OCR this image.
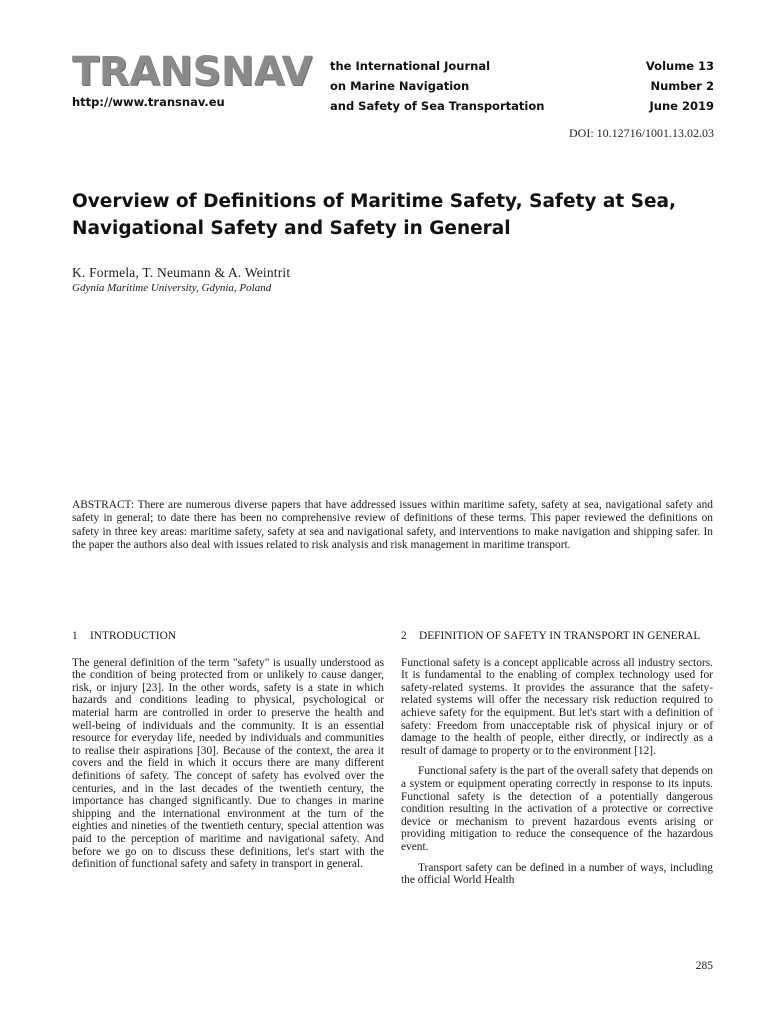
TRANSNAV
http://www.transnav.eu
the International Journal
on Marine Navigation
and Safety of Sea Transportation
Volume 13
Number 2
June 2019
DOI: 10.12716/1001.13.02.03
Overview of Definitions of Maritime Safety, Safety at Sea, Navigational Safety and Safety in General
K. Formela, T. Neumann & A. Weintrit
Gdynia Maritime University, Gdynia, Poland

ABSTRACT: There are numerous diverse papers that have addressed issues within maritime safety, safety at sea, navigational safety and safety in general; to date there has been no comprehensive review of definitions of these terms. This paper reviewed the definitions on safety in three key areas: maritime safety, safety at sea and navigational safety, and interventions to make navigation and shipping safer. In the paper the authors also deal with issues related to risk analysis and risk management in maritime transport.

1	INTRODUCTION

The general definition of the term "safety" is usually understood as the condition of being protected from or unlikely to cause danger, risk, or injury [23]. In the other words, safety is a state in which hazards and conditions leading to physical, psychological or material harm are controlled in order to preserve the health and well-being of individuals and the community. It is an essential resource for everyday life, needed by individuals and communities to realise their aspirations [30]. Because of the context, the area it covers and the field in which it occurs there are many different definitions of safety. The concept of safety has evolved over the centuries, and in the last decades of the twentieth century, the importance has changed significantly. Due to changes in marine shipping and the international environment at the turn of the eighties and nineties of the twentieth century, special attention was paid to the perception of maritime and navigational safety. And before we go on to discuss these definitions, let's start with the definition of functional safety and safety in transport in general.

2	DEFINITION OF SAFETY IN TRANSPORT IN GENERAL

Functional safety is a concept applicable across all industry sectors. It is fundamental to the enabling of complex technology used for safety-related systems. It provides the assurance that the safety-related systems will offer the necessary risk reduction required to achieve safety for the equipment. But let's start with a definition of safety: Freedom from unacceptable risk of physical injury or of damage to the health of people, either directly, or indirectly as a result of damage to property or to the environment [12].

Functional safety is the part of the overall safety that depends on a system or equipment operating correctly in response to its inputs. Functional safety is the detection of a potentially dangerous condition resulting in the activation of a protective or corrective device or mechanism to prevent hazardous events arising or providing mitigation to reduce the consequence of the hazardous event.

Transport safety can be defined in a number of ways, including the official World Health

285
